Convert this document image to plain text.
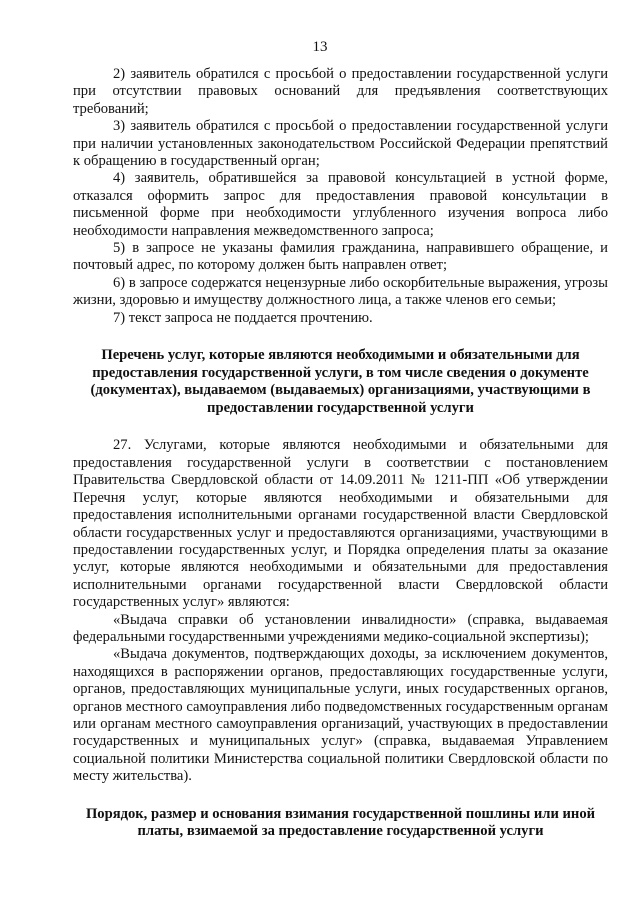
13

2) заявитель обратился с просьбой о предоставлении государственной услуги при отсутствии правовых оснований для предъявления соответствующих требований;

3) заявитель обратился с просьбой о предоставлении государственной услуги при наличии установленных законодательством Российской Федерации препятствий к обращению в государственный орган;

4) заявитель, обратившейся за правовой консультацией в устной форме, отказался оформить запрос для предоставления правовой консультации в письменной форме при необходимости углубленного изучения вопроса либо необходимости направления межведомственного запроса;

5) в запросе не указаны фамилия гражданина, направившего обращение, и почтовый адрес, по которому должен быть направлен ответ;

6) в запросе содержатся нецензурные либо оскорбительные выражения, угрозы жизни, здоровью и имуществу должностного лица, а также членов его семьи;

7) текст запроса не поддается прочтению.

Перечень услуг, которые являются необходимыми и обязательными для предоставления государственной услуги, в том числе сведения о документе (документах), выдаваемом (выдаваемых) организациями, участвующими в предоставлении государственной услуги

27. Услугами, которые являются необходимыми и обязательными для предоставления государственной услуги в соответствии с постановлением Правительства Свердловской области от 14.09.2011 № 1211-ПП «Об утверждении Перечня услуг, которые являются необходимыми и обязательными для предоставления исполнительными органами государственной власти Свердловской области государственных услуг и предоставляются организациями, участвующими в предоставлении государственных услуг, и Порядка определения платы за оказание услуг, которые являются необходимыми и обязательными для предоставления исполнительными органами государственной власти Свердловской области государственных услуг» являются:

«Выдача справки об установлении инвалидности» (справка, выдаваемая федеральными государственными учреждениями медико-социальной экспертизы);

«Выдача документов, подтверждающих доходы, за исключением документов, находящихся в распоряжении органов, предоставляющих государственные услуги, органов, предоставляющих муниципальные услуги, иных государственных органов, органов местного самоуправления либо подведомственных государственным органам или органам местного самоуправления организаций, участвующих в предоставлении государственных и муниципальных услуг» (справка, выдаваемая Управлением социальной политики Министерства социальной политики Свердловской области по месту жительства).

Порядок, размер и основания взимания государственной пошлины или иной платы, взимаемой за предоставление государственной услуги
